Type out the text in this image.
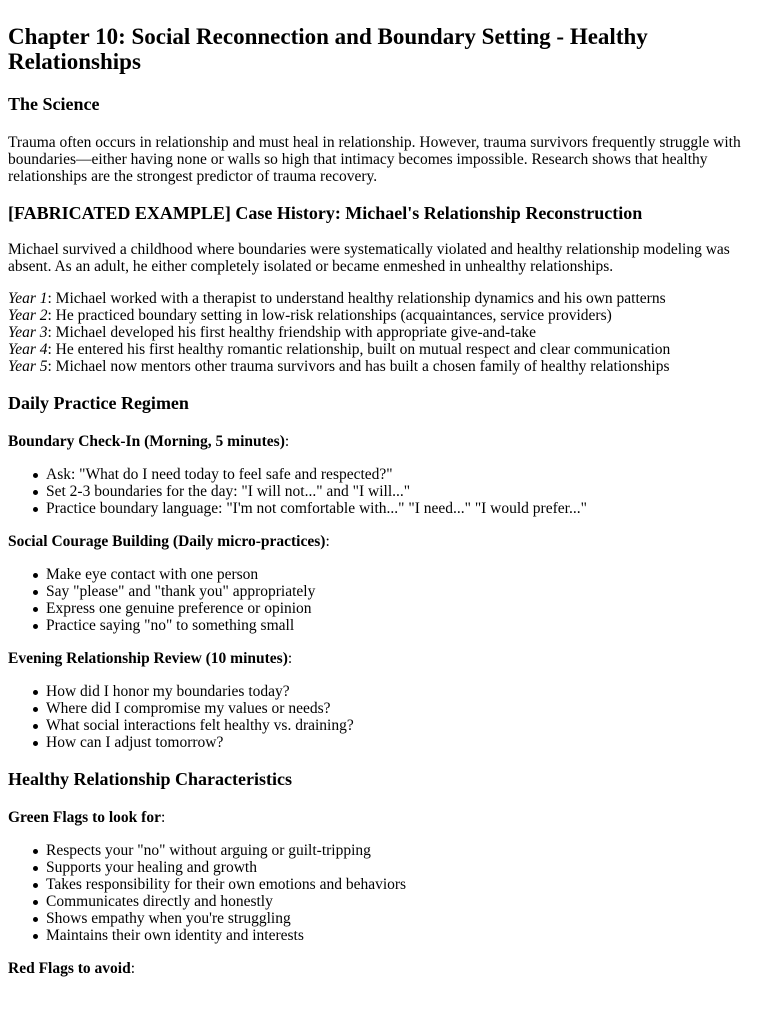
Chapter 10: Social Reconnection and Boundary Setting - Healthy Relationships
The Science

Trauma often occurs in relationship and must heal in relationship. However, trauma survivors frequently struggle with boundaries—either having none or walls so high that intimacy becomes impossible. Research shows that healthy relationships are the strongest predictor of trauma recovery.

[FABRICATED EXAMPLE] Case History: Michael's Relationship Reconstruction

Michael survived a childhood where boundaries were systematically violated and healthy relationship modeling was absent. As an adult, he either completely isolated or became enmeshed in unhealthy relationships.

Year 1: Michael worked with a therapist to understand healthy relationship dynamics and his own patterns
Year 2: He practiced boundary setting in low-risk relationships (acquaintances, service providers)
Year 3: Michael developed his first healthy friendship with appropriate give-and-take
Year 4: He entered his first healthy romantic relationship, built on mutual respect and clear communication
Year 5: Michael now mentors other trauma survivors and has built a chosen family of healthy relationships

Daily Practice Regimen

Boundary Check-In (Morning, 5 minutes):

Ask: "What do I need today to feel safe and respected?"
Set 2-3 boundaries for the day: "I will not..." and "I will..."
Practice boundary language: "I'm not comfortable with..." "I need..." "I would prefer..."

Social Courage Building (Daily micro-practices):

Make eye contact with one person
Say "please" and "thank you" appropriately
Express one genuine preference or opinion
Practice saying "no" to something small

Evening Relationship Review (10 minutes):

How did I honor my boundaries today?
Where did I compromise my values or needs?
What social interactions felt healthy vs. draining?
How can I adjust tomorrow?
Healthy Relationship Characteristics

Green Flags to look for:

Respects your "no" without arguing or guilt-tripping
Supports your healing and growth
Takes responsibility for their own emotions and behaviors
Communicates directly and honestly
Shows empathy when you're struggling
Maintains their own identity and interests

Red Flags to avoid:
